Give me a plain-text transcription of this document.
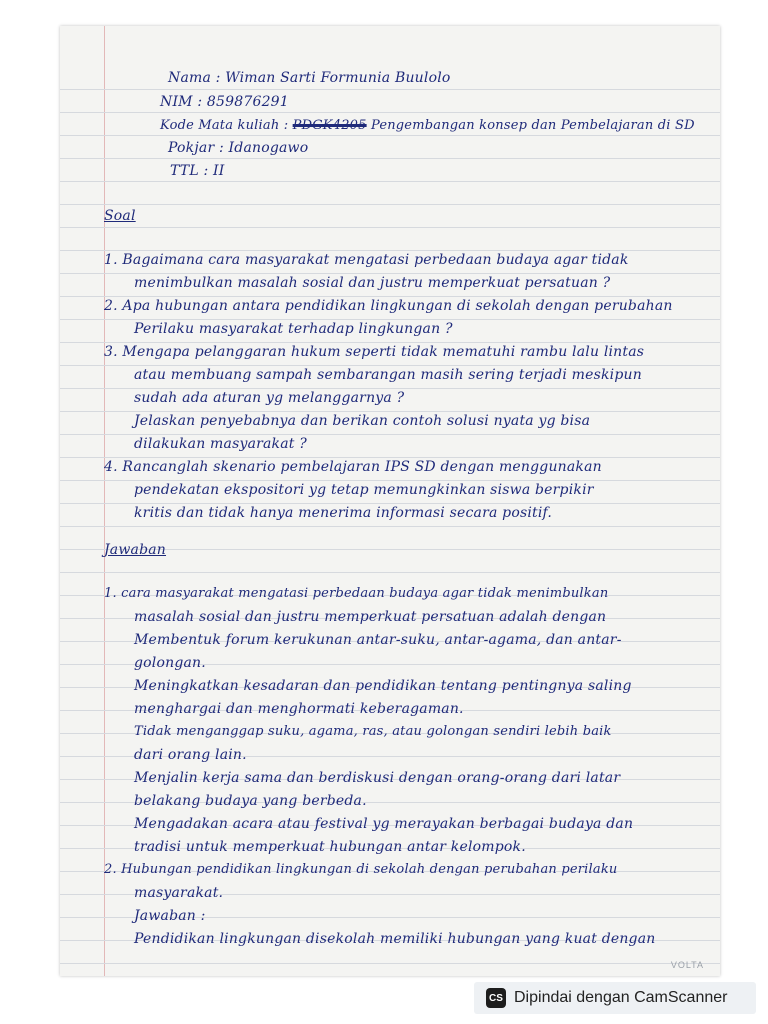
Nama : Wiman Sarti Formunia Buulolo
NIM : 859876291
Kode Mata kuliah : PDGK4205 Pengembangan konsep dan Pembelajaran di SD
Pokjar : Idanogawo
TTL : II
Soal
1. Bagaimana cara masyarakat mengatasi perbedaan budaya agar tidak
menimbulkan masalah sosial dan justru memperkuat persatuan ?
2. Apa hubungan antara pendidikan lingkungan di sekolah dengan perubahan
Perilaku masyarakat terhadap lingkungan ?
3. Mengapa pelanggaran hukum seperti tidak mematuhi rambu lalu lintas
atau membuang sampah sembarangan masih sering terjadi meskipun
sudah ada aturan yg melanggarnya ?
Jelaskan penyebabnya dan berikan contoh solusi nyata yg bisa
dilakukan masyarakat ?
4. Rancanglah skenario pembelajaran IPS SD dengan menggunakan
pendekatan ekspositori yg tetap memungkinkan siswa berpikir
kritis dan tidak hanya menerima informasi secara positif.
Jawaban
1. cara masyarakat mengatasi perbedaan budaya agar tidak menimbulkan
masalah sosial dan justru memperkuat persatuan adalah dengan
Membentuk forum kerukunan antar-suku, antar-agama, dan antar-
golongan.
Meningkatkan kesadaran dan pendidikan tentang pentingnya saling
menghargai dan menghormati keberagaman.
Tidak menganggap suku, agama, ras, atau golongan sendiri lebih baik
dari orang lain.
Menjalin kerja sama dan berdiskusi dengan orang-orang dari latar
belakang budaya yang berbeda.
Mengadakan acara atau festival yg merayakan berbagai budaya dan
tradisi untuk memperkuat hubungan antar kelompok.
2. Hubungan pendidikan lingkungan di sekolah dengan perubahan perilaku
masyarakat.
Jawaban :
Pendidikan lingkungan disekolah memiliki hubungan yang kuat dengan
VOLTA
CS Dipindai dengan CamScanner
